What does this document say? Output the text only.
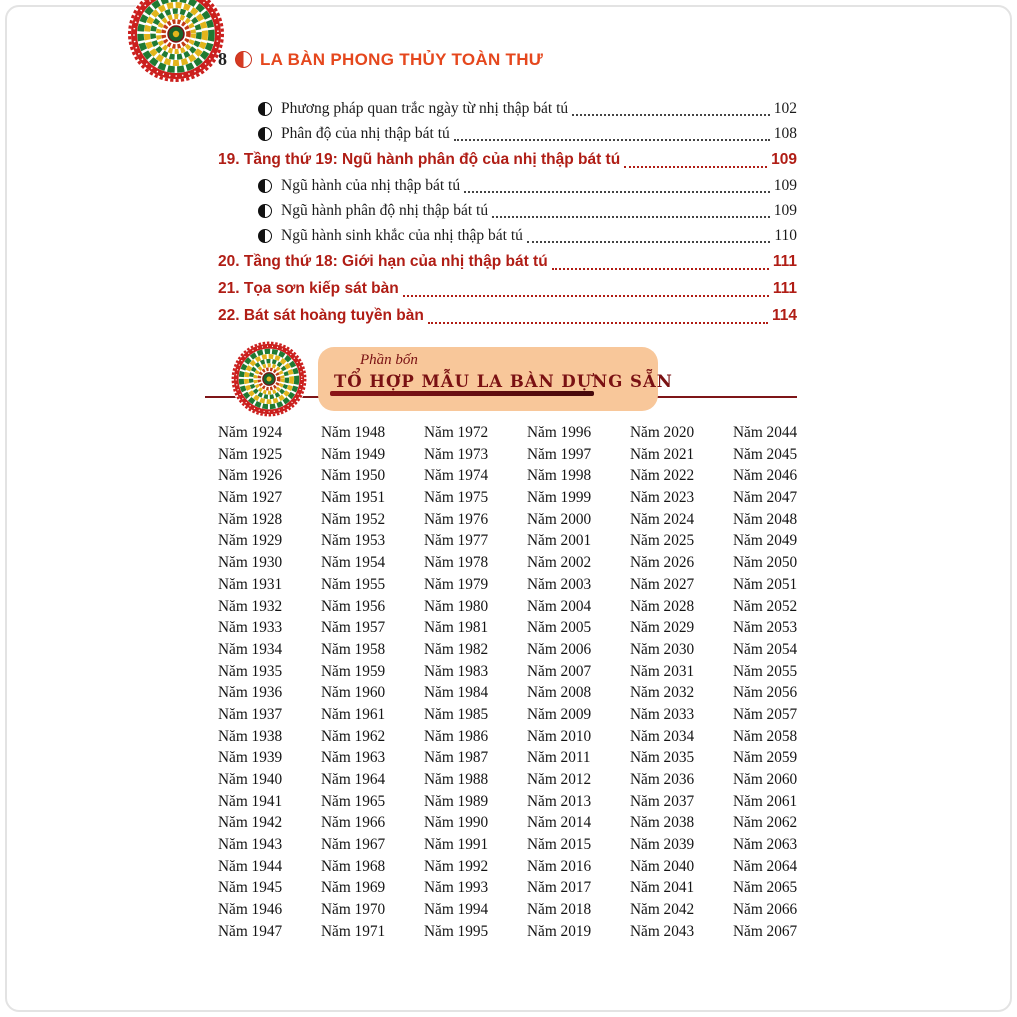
8 LA BÀN PHONG THỦY TOÀN THƯ
Phương pháp quan trắc ngày từ nhị thập bát tú	102
Phân độ của nhị thập bát tú	108
19. Tầng thứ 19: Ngũ hành phân độ của nhị thập bát tú	109
Ngũ hành của nhị thập bát tú	109
Ngũ hành phân độ nhị thập bát tú	109
Ngũ hành sinh khắc của nhị thập bát tú	110
20. Tầng thứ 18: Giới hạn của nhị thập bát tú	111
21. Tọa sơn kiếp sát bàn	111
22. Bát sát hoàng tuyền bàn	114
Phần bốn
TỔ HỢP MẪU LA BÀN DỰNG SẴN
Năm 1924	Năm 1948	Năm 1972	Năm 1996	Năm 2020	Năm 2044
Năm 1925	Năm 1949	Năm 1973	Năm 1997	Năm 2021	Năm 2045
Năm 1926	Năm 1950	Năm 1974	Năm 1998	Năm 2022	Năm 2046
Năm 1927	Năm 1951	Năm 1975	Năm 1999	Năm 2023	Năm 2047
Năm 1928	Năm 1952	Năm 1976	Năm 2000	Năm 2024	Năm 2048
Năm 1929	Năm 1953	Năm 1977	Năm 2001	Năm 2025	Năm 2049
Năm 1930	Năm 1954	Năm 1978	Năm 2002	Năm 2026	Năm 2050
Năm 1931	Năm 1955	Năm 1979	Năm 2003	Năm 2027	Năm 2051
Năm 1932	Năm 1956	Năm 1980	Năm 2004	Năm 2028	Năm 2052
Năm 1933	Năm 1957	Năm 1981	Năm 2005	Năm 2029	Năm 2053
Năm 1934	Năm 1958	Năm 1982	Năm 2006	Năm 2030	Năm 2054
Năm 1935	Năm 1959	Năm 1983	Năm 2007	Năm 2031	Năm 2055
Năm 1936	Năm 1960	Năm 1984	Năm 2008	Năm 2032	Năm 2056
Năm 1937	Năm 1961	Năm 1985	Năm 2009	Năm 2033	Năm 2057
Năm 1938	Năm 1962	Năm 1986	Năm 2010	Năm 2034	Năm 2058
Năm 1939	Năm 1963	Năm 1987	Năm 2011	Năm 2035	Năm 2059
Năm 1940	Năm 1964	Năm 1988	Năm 2012	Năm 2036	Năm 2060
Năm 1941	Năm 1965	Năm 1989	Năm 2013	Năm 2037	Năm 2061
Năm 1942	Năm 1966	Năm 1990	Năm 2014	Năm 2038	Năm 2062
Năm 1943	Năm 1967	Năm 1991	Năm 2015	Năm 2039	Năm 2063
Năm 1944	Năm 1968	Năm 1992	Năm 2016	Năm 2040	Năm 2064
Năm 1945	Năm 1969	Năm 1993	Năm 2017	Năm 2041	Năm 2065
Năm 1946	Năm 1970	Năm 1994	Năm 2018	Năm 2042	Năm 2066
Năm 1947	Năm 1971	Năm 1995	Năm 2019	Năm 2043	Năm 2067
